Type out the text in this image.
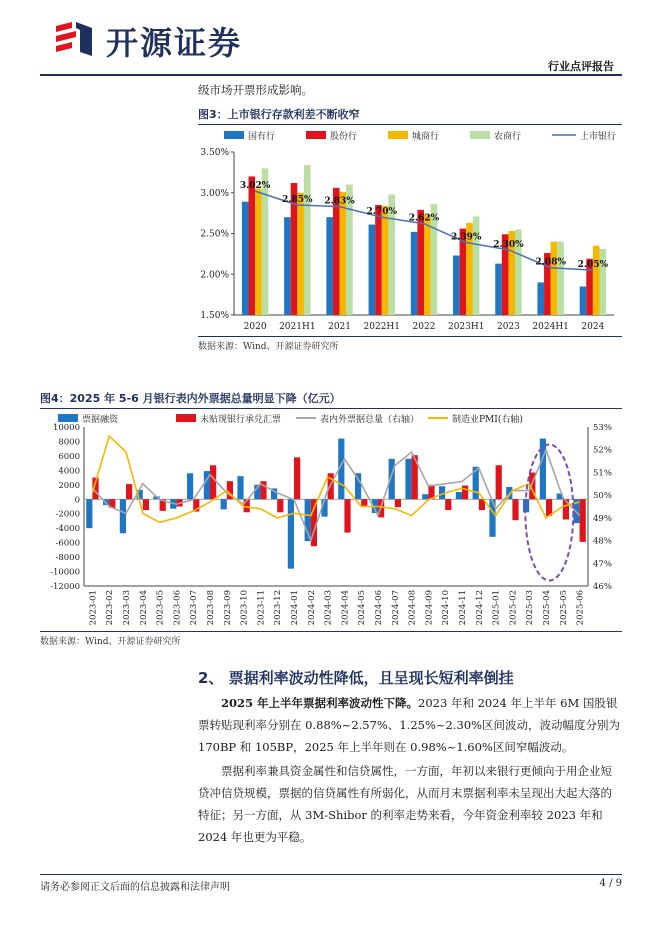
开源证券
行业点评报告
级市场开票形成影响。
图3：上市银行存款利差不断收窄
国有行	股份行	城商行	农商行	上市银行
1.50%
2.00%
2.50%
3.00%
3.50%
2020 2021H1 2021 2022H1 2022 2023H1 2023 2024H1 2024
3.02%
2.85% 2.83%
2.70%
2.62%
2.39%
2.30%
2.08% 2.05%
数据来源：Wind、开源证券研究所
图4：2025 年 5-6 月银行表内外票据总量明显下降（亿元）
票据融资	未贴现银行承兑汇票	表内外票据总量（右轴）	制造业PMI(右轴)
10000
8000
6000
4000
2000
0
-2000
-4000
-6000
-8000
-10000
-12000
53%
52%
51%
50%
49%
48%
47%
46%
2023-01 2023-02 2023-03 2023-04 2023-05 2023-06 2023-07 2023-08 2023-09 2023-10 2023-11 2023-12 2024-01 2024-02 2024-03 2024-04 2024-05 2024-06 2024-07 2024-08 2024-09 2024-10 2024-11 2024-12 2025-01 2025-02 2025-03 2025-04 2025-05 2025-06
数据来源：Wind、开源证券研究所
2、 票据利率波动性降低，且呈现长短利率倒挂
2025 年上半年票据利率波动性下降。2023 年和 2024 年上半年 6M 国股银票转贴现利率分别在 0.88%~2.57%、1.25%~2.30%区间波动，波动幅度分别为 170BP 和 105BP，2025 年上半年则在 0.98%~1.60%区间窄幅波动。
票据利率兼具资金属性和信贷属性，一方面，年初以来银行更倾向于用企业短贷冲信贷规模，票据的信贷属性有所弱化，从而月末票据利率未呈现出大起大落的特征；另一方面，从 3M-Shibor 的利率走势来看，今年资金利率较 2023 年和 2024 年也更为平稳。
请务必参阅正文后面的信息披露和法律声明	4 / 9
